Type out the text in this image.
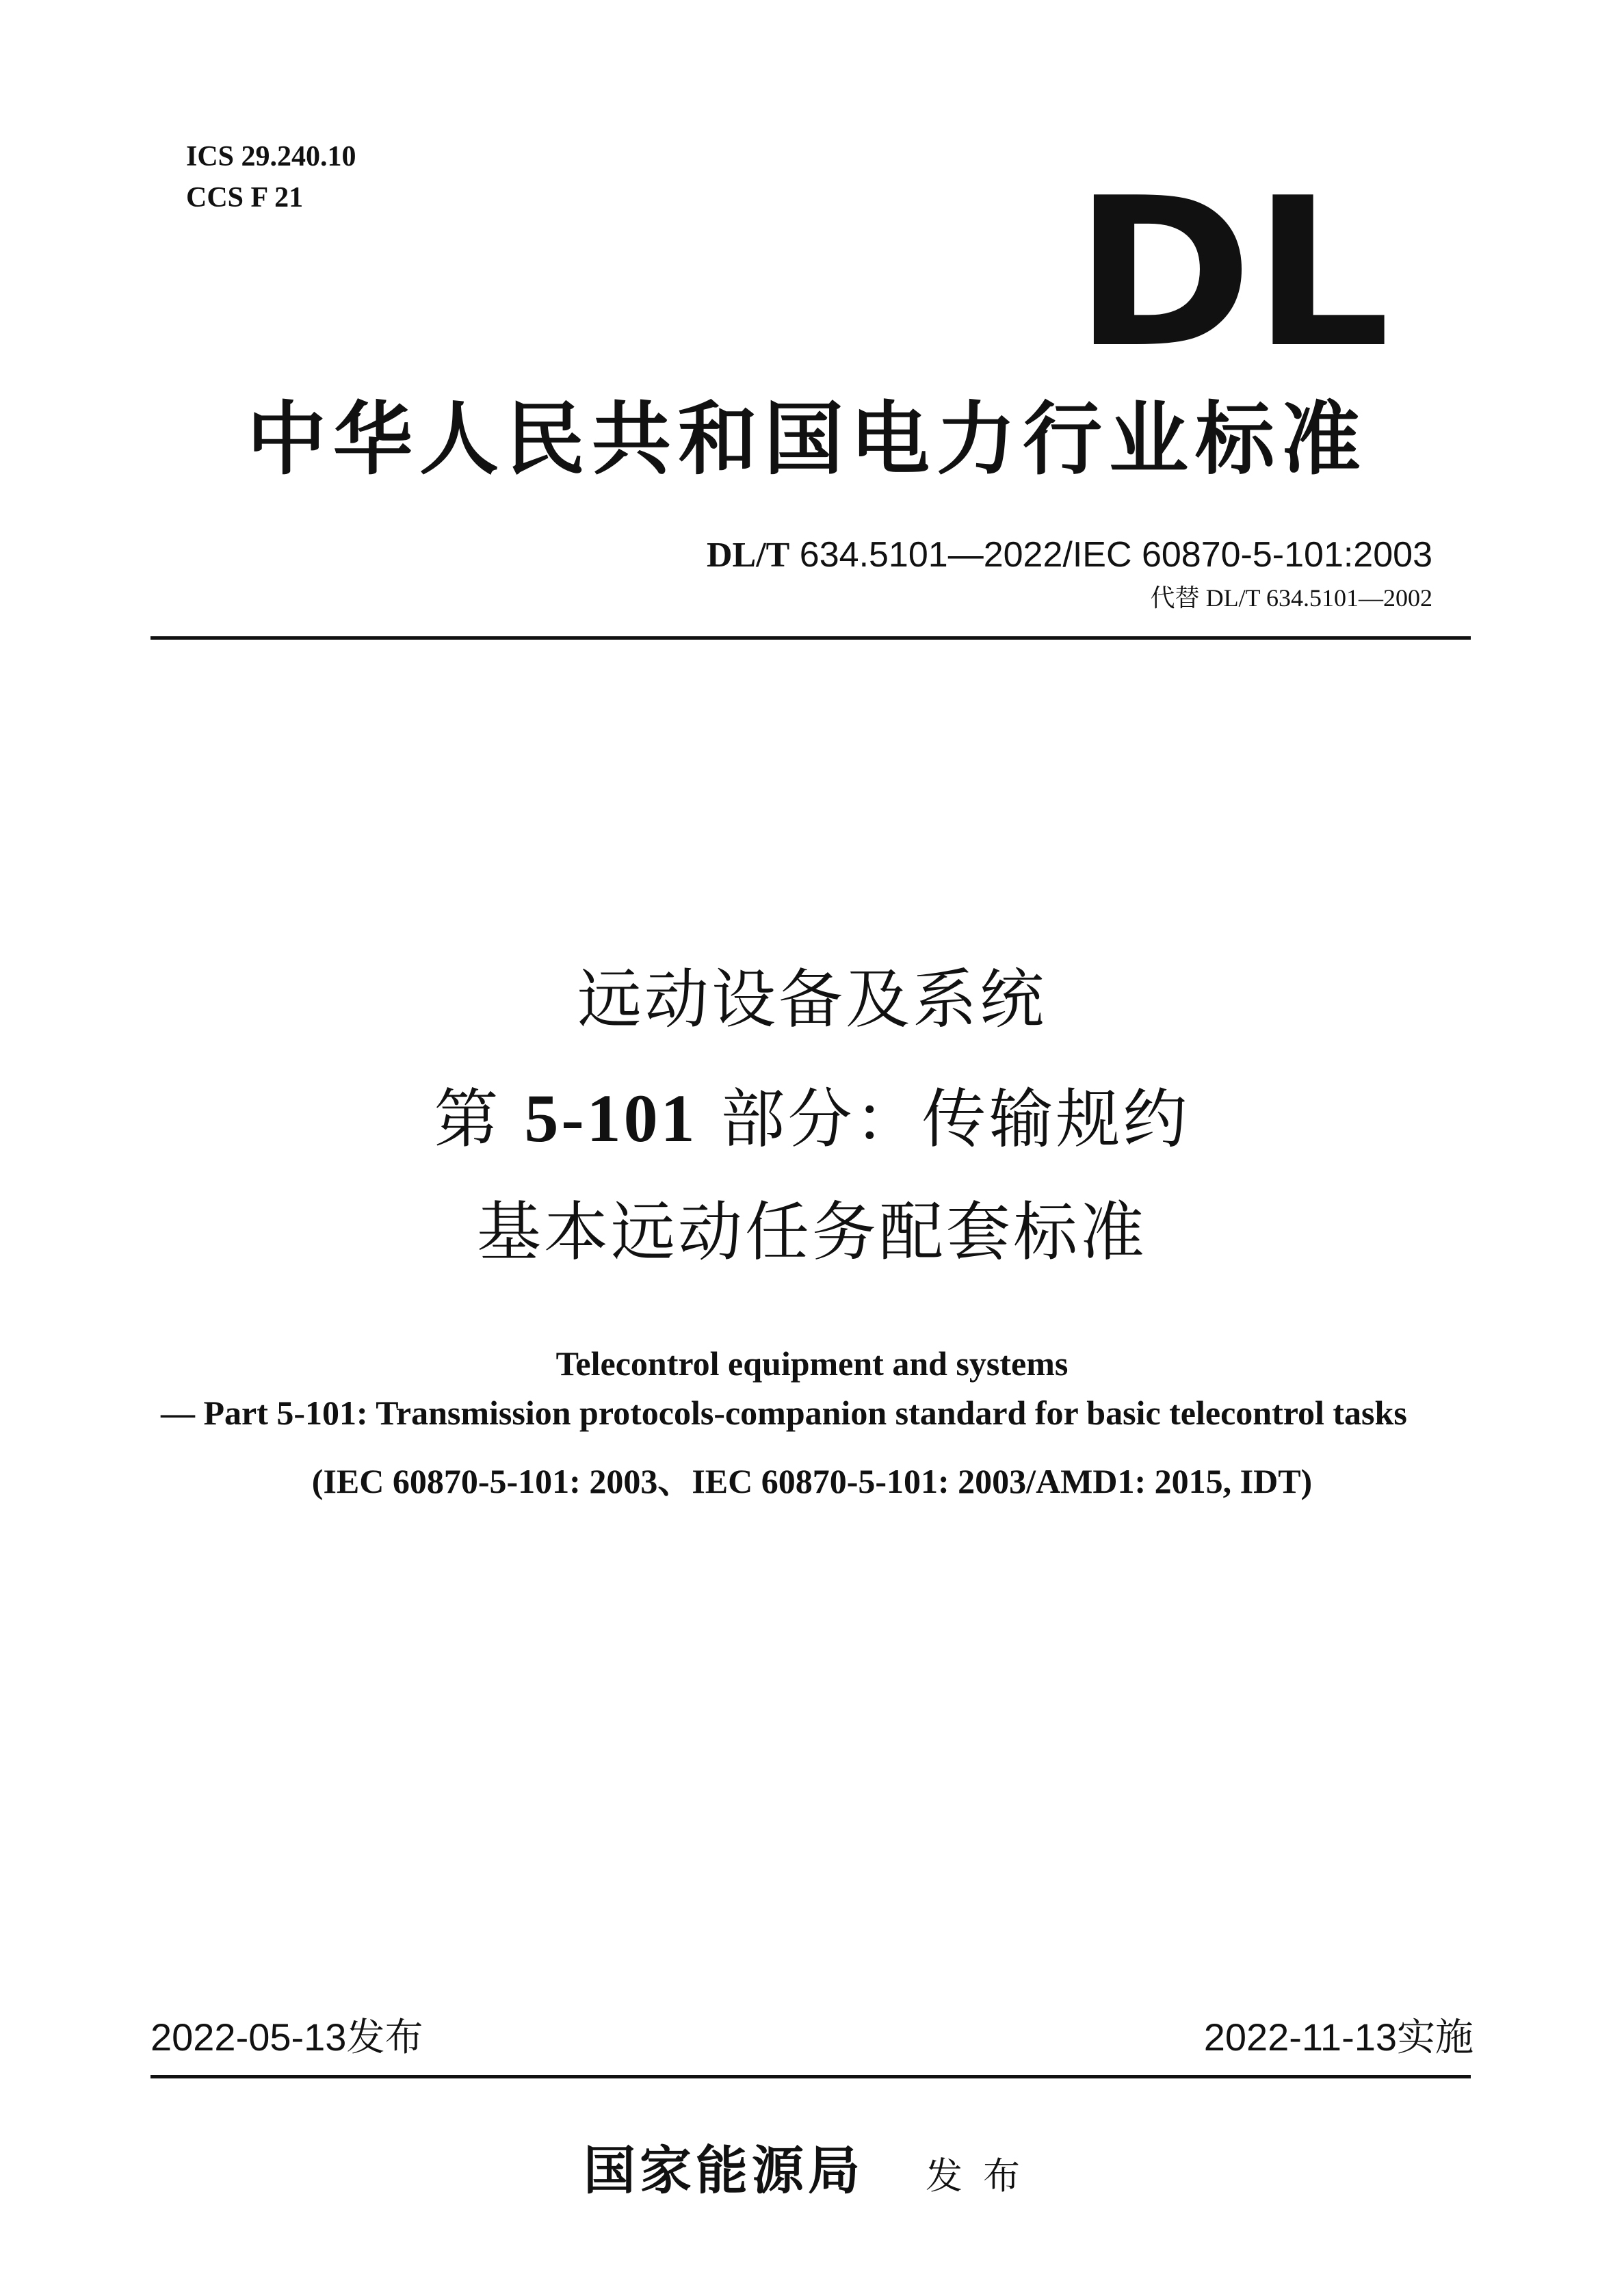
ICS 29.240.10
CCS F 21	DL
中华人民共和国电力行业标准
DL/T 634.5101—2022/IEC 60870-5-101:2003
代替 DL/T 634.5101—2002
远动设备及系统
第 5-101 部分：传输规约
基本远动任务配套标准
Telecontrol equipment and systems
— Part 5-101: Transmission protocols-companion standard for basic telecontrol tasks
(IEC 60870-5-101: 2003、IEC 60870-5-101: 2003/AMD1: 2015, IDT)
2022-05-13发布	2022-11-13实施
国家能源局 发布
